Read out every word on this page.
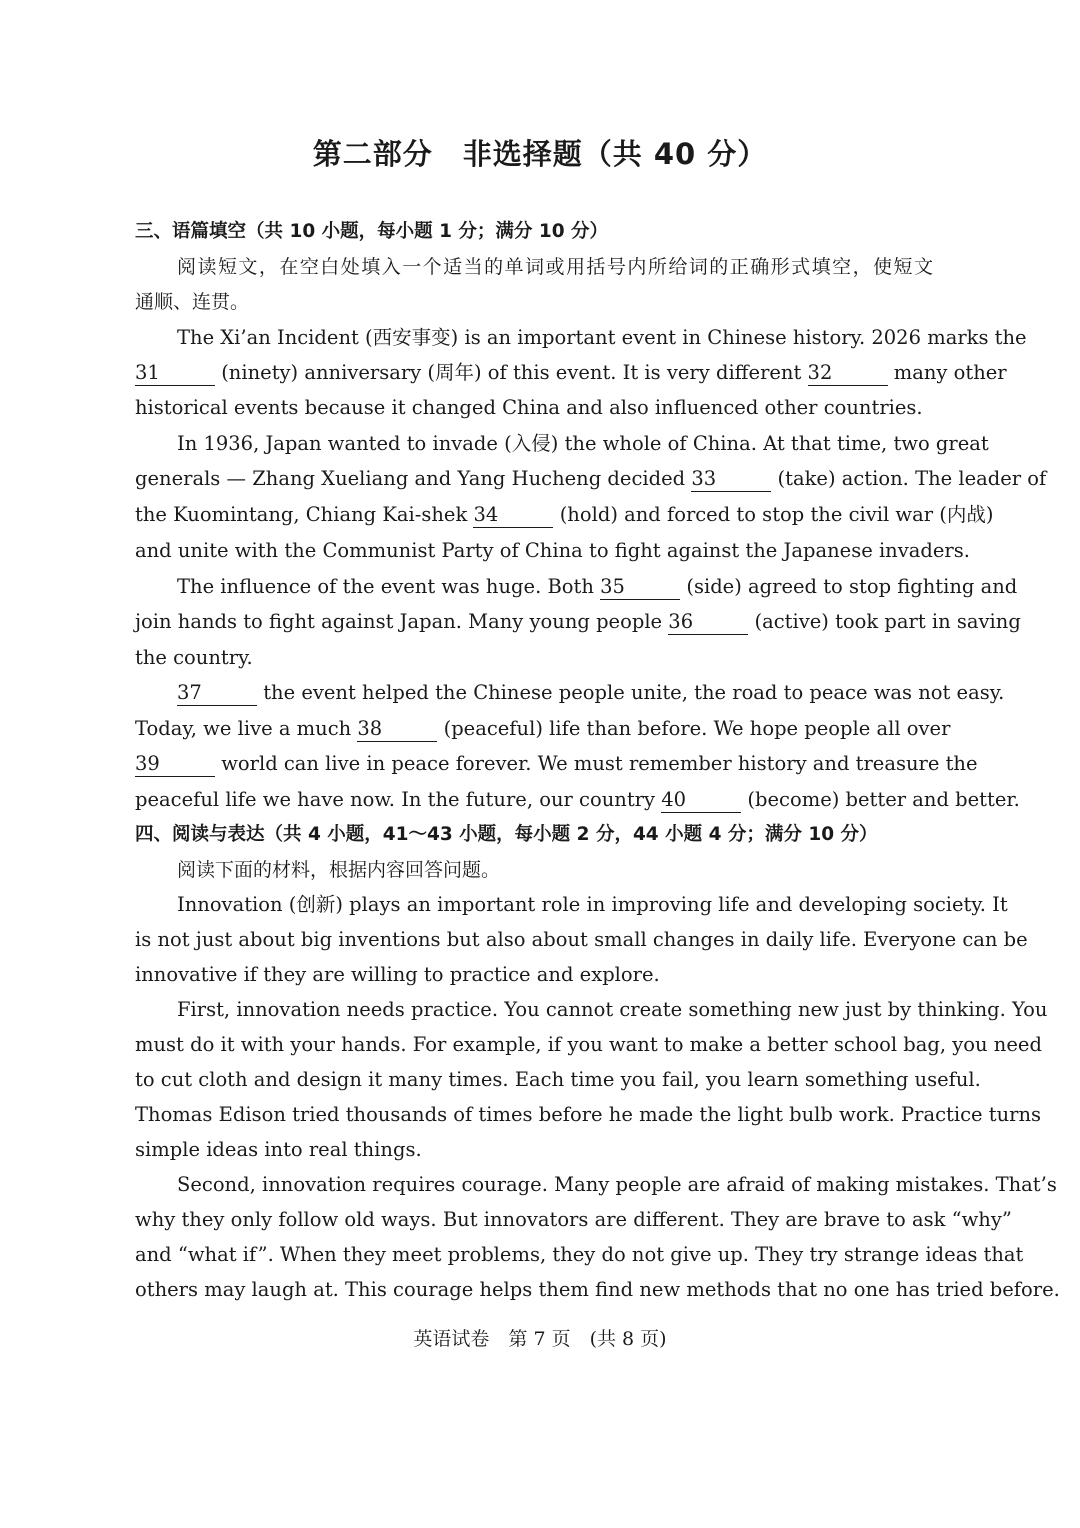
第二部分　非选择题（共 40 分）
三、语篇填空（共 10 小题，每小题 1 分；满分 10 分）
阅读短文，在空白处填入一个适当的单词或用括号内所给词的正确形式填空，使短文
通顺、连贯。
The Xi’an Incident (西安事变) is an important event in Chinese history. 2026 marks the
31	(ninety) anniversary (周年) of this event. It is very different 32	many other
historical events because it changed China and also influenced other countries.
In 1936, Japan wanted to invade (入侵) the whole of China. At that time, two great
generals — Zhang Xueliang and Yang Hucheng decided 33	(take) action. The leader of
the Kuomintang, Chiang Kai-shek 34	(hold) and forced to stop the civil war (内战)
and unite with the Communist Party of China to fight against the Japanese invaders.
The influence of the event was huge. Both 35	(side) agreed to stop fighting and
join hands to fight against Japan. Many young people 36	(active) took part in saving
the country.
37	the event helped the Chinese people unite, the road to peace was not easy.
Today, we live a much 38	(peaceful) life than before. We hope people all over
39	world can live in peace forever. We must remember history and treasure the
peaceful life we have now. In the future, our country 40	(become) better and better.
四、阅读与表达（共 4 小题，41～43 小题，每小题 2 分，44 小题 4 分；满分 10 分）
阅读下面的材料，根据内容回答问题。
Innovation (创新) plays an important role in improving life and developing society. It
is not just about big inventions but also about small changes in daily life. Everyone can be
innovative if they are willing to practice and explore.
First, innovation needs practice. You cannot create something new just by thinking. You
must do it with your hands. For example, if you want to make a better school bag, you need
to cut cloth and design it many times. Each time you fail, you learn something useful.
Thomas Edison tried thousands of times before he made the light bulb work. Practice turns
simple ideas into real things.
Second, innovation requires courage. Many people are afraid of making mistakes. That’s
why they only follow old ways. But innovators are different. They are brave to ask “why”
and “what if”. When they meet problems, they do not give up. They try strange ideas that
others may laugh at. This courage helps them find new methods that no one has tried before.
英语试卷　第 7 页　(共 8 页)
